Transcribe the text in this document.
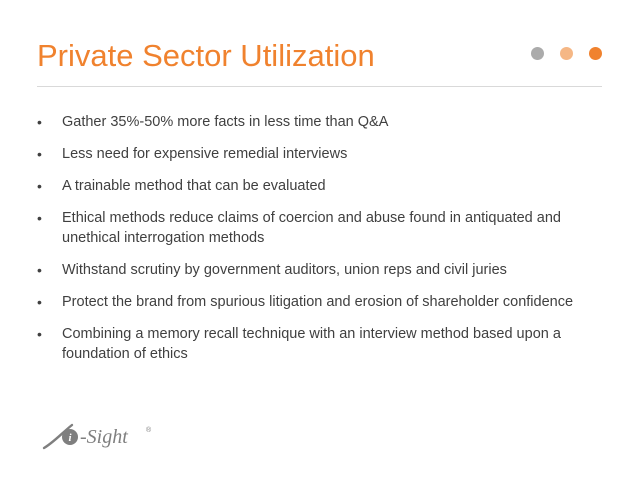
Private Sector Utilization
• Gather 35%-50% more facts in less time than Q&A
• Less need for expensive remedial interviews
• A trainable method that can be evaluated
• Ethical methods reduce claims of coercion and abuse found in antiquated and unethical interrogation methods
• Withstand scrutiny by government auditors, union reps and civil juries
• Protect the brand from spurious litigation and erosion of shareholder confidence
• Combining a memory recall technique with an interview method based upon a foundation of ethics
i -Sight	®
